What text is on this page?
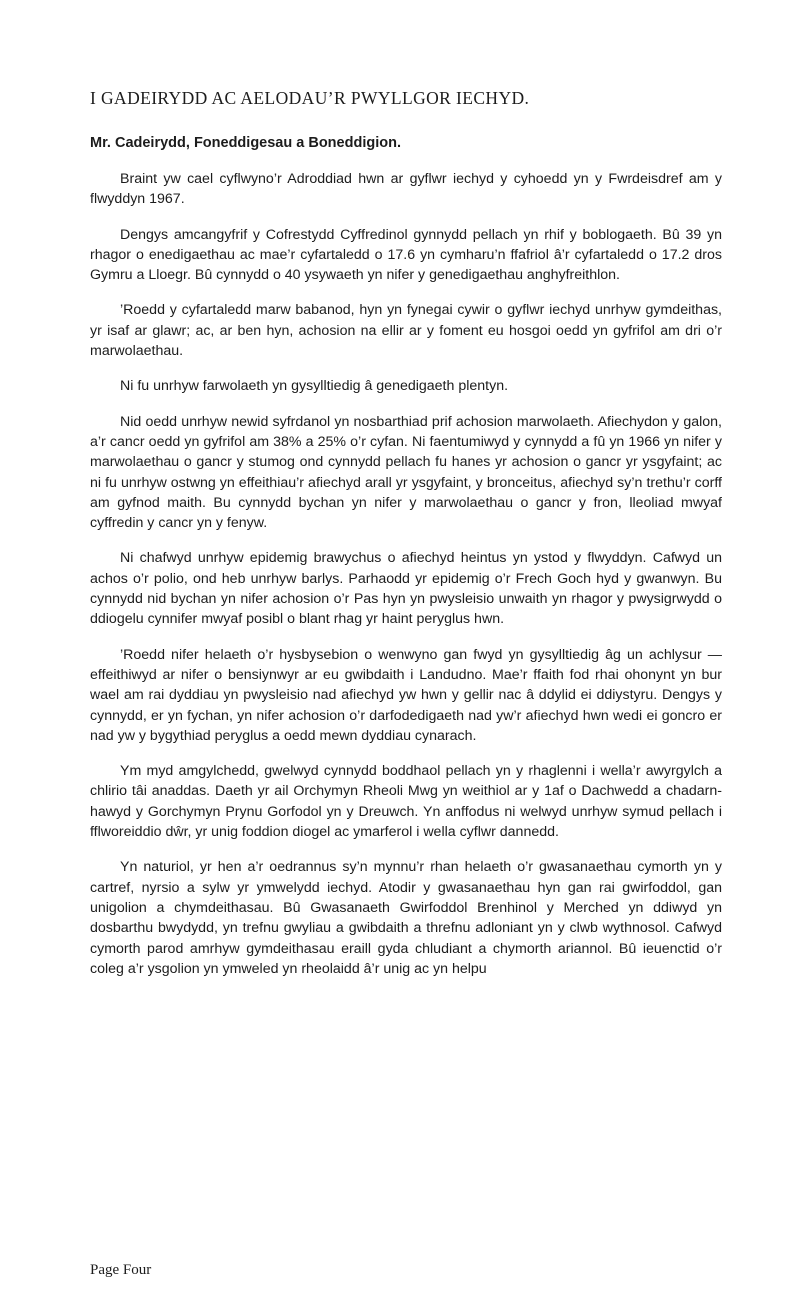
I GADEIRYDD AC AELODAU’R PWYLLGOR IECHYD.
Mr. Cadeirydd, Foneddigesau a Boneddigion.

Braint yw cael cyflwyno’r Adroddiad hwn ar gyflwr iechyd y cyhoedd yn y Fwrdeisdref am y flwyddyn 1967.

Dengys amcangyfrif y Cofrestydd Cyffredinol gynnydd pellach yn rhif y boblogaeth. Bû 39 yn rhagor o enedigaethau ac mae’r cyfartaledd o 17.6 yn cymharu’n ffafriol â’r cyfartaledd o 17.2 dros Gymru a Lloegr. Bû cynnydd o 40 ysywaeth yn nifer y genedigaethau anghyfreithlon.

’Roedd y cyfartaledd marw babanod, hyn yn fynegai cywir o gyflwr iechyd unrhyw gymdeithas, yr isaf ar glawr; ac, ar ben hyn, achosion na ellir ar y foment eu hosgoi oedd yn gyfrifol am dri o’r marwolaethau.

Ni fu unrhyw farwolaeth yn gysylltiedig â genedigaeth plentyn.

Nid oedd unrhyw newid syfrdanol yn nosbarthiad prif achosion marwolaeth. Afiechydon y galon, a’r cancr oedd yn gyfrifol am 38% a 25% o’r cyfan. Ni faentumiwyd y cynnydd a fû yn 1966 yn nifer y marwolaethau o gancr y stumog ond cynnydd pellach fu hanes yr achosion o gancr yr ysgyfaint; ac ni fu unrhyw ostwng yn effeithiau’r afiechyd arall yr ysgyfaint, y bronceitus, afiechyd sy’n trethu’r corff am gyfnod maith. Bu cynnydd bychan yn nifer y marwolaethau o gancr y fron, lleoliad mwyaf cyffredin y cancr yn y fenyw.

Ni chafwyd unrhyw epidemig brawychus o afiechyd heintus yn ystod y flwyddyn. Cafwyd un achos o’r polio, ond heb unrhyw barlys. Parhaodd yr epidemig o’r Frech Goch hyd y gwanwyn. Bu cynnydd nid bychan yn nifer achosion o’r Pas hyn yn pwysleisio unwaith yn rhagor y pwysigrwydd o ddiogelu cynnifer mwyaf posibl o blant rhag yr haint peryglus hwn.

’Roedd nifer helaeth o’r hysbysebion o wenwyno gan fwyd yn gysylltiedig âg un achlysur — effeithiwyd ar nifer o bensiynwyr ar eu gwibdaith i Landudno. Mae’r ffaith fod rhai ohonynt yn bur wael am rai dyddiau yn pwysleisio nad afiechyd yw hwn y gellir nac â ddylid ei ddiystyru. Dengys y cynnydd, er yn fychan, yn nifer achosion o’r darfodedigaeth nad yw’r afiechyd hwn wedi ei goncro er nad yw y bygythiad peryglus a oedd mewn dyddiau cynarach.

Ym myd amgylchedd, gwelwyd cynnydd boddhaol pellach yn y rhaglenni i wella’r awyrgylch a chlirio tâi anaddas. Daeth yr ail Orchymyn Rheoli Mwg yn weithiol ar y 1af o Dachwedd a chadarn-hawyd y Gorchymyn Prynu Gorfodol yn y Dreuwch. Yn anffodus ni welwyd unrhyw symud pellach i fflworeiddio dŵr, yr unig foddion diogel ac ymarferol i wella cyflwr dannedd.

Yn naturiol, yr hen a’r oedrannus sy’n mynnu’r rhan helaeth o’r gwasanaethau cymorth yn y cartref, nyrsio a sylw yr ymwelydd iechyd. Atodir y gwasanaethau hyn gan rai gwirfoddol, gan unigolion a chymdeithasau. Bû Gwasanaeth Gwirfoddol Brenhinol y Merched yn ddiwyd yn dosbarthu bwydydd, yn trefnu gwyliau a gwibdaith a threfnu adloniant yn y clwb wythnosol. Cafwyd cymorth parod amrhyw gymdeithasau eraill gyda chludiant a chymorth ariannol. Bû ieuenctid o’r coleg a’r ysgolion yn ymweled yn rheolaidd â’r unig ac yn helpu

Page Four
